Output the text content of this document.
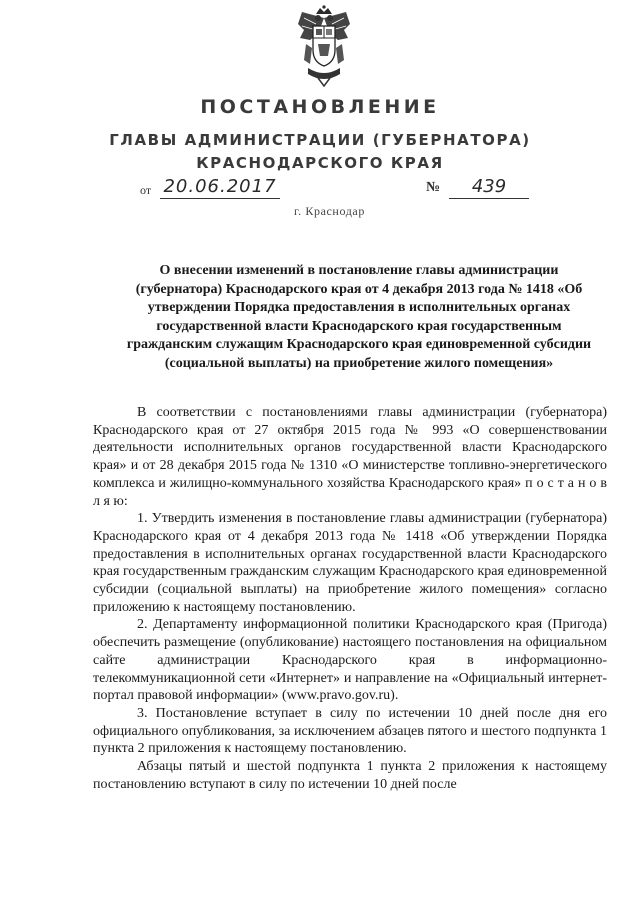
ПОСТАНОВЛЕНИЕ
ГЛАВЫ АДМИНИСТРАЦИИ (ГУБЕРНАТОРА)
КРАСНОДАРСКОГО КРАЯ
от 20.06.2017	№	439
г. Краснодар
О внесении изменений в постановление главы администрации (губернатора) Краснодарского края от 4 декабря 2013 года № 1418 «Об утверждении Порядка предоставления в исполнительных органах государственной власти Краснодарского края государственным гражданским служащим Краснодарского края единовременной субсидии (социальной выплаты) на приобретение жилого помещения»

В соответствии с постановлениями главы администрации (губернатора) Краснодарского края от 27 октября 2015 года № 993 «О совершенствовании деятельности исполнительных органов государственной власти Краснодарского края» и от 28 декабря 2015 года № 1310 «О министерстве топливно-энергетического комплекса и жилищно-коммунального хозяйства Краснодарского края» п о с т а н о в л я ю:

1. Утвердить изменения в постановление главы администрации (губернатора) Краснодарского края от 4 декабря 2013 года № 1418 «Об утверждении Порядка предоставления в исполнительных органах государственной власти Краснодарского края государственным гражданским служащим Краснодарского края единовременной субсидии (социальной выплаты) на приобретение жилого помещения» согласно приложению к настоящему постановлению.

2. Департаменту информационной политики Краснодарского края (Пригода) обеспечить размещение (опубликование) настоящего постановления на официальном сайте администрации Краснодарского края в информационно-телекоммуникационной сети «Интернет» и направление на «Официальный интернет-портал правовой информации» (www.pravo.gov.ru).

3. Постановление вступает в силу по истечении 10 дней после дня его официального опубликования, за исключением абзацев пятого и шестого подпункта 1 пункта 2 приложения к настоящему постановлению.

Абзацы пятый и шестой подпункта 1 пункта 2 приложения к настоящему постановлению вступают в силу по истечении 10 дней после
